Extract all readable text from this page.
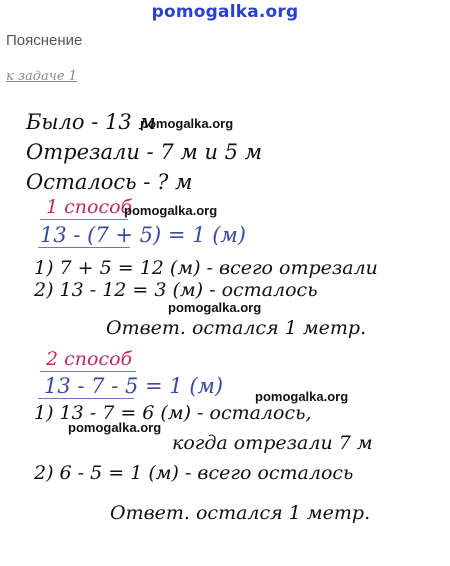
pomogalka.org
Пояснение
к задаче 1
Было - 13 м
pomogalka.org
Отрезали - 7 м и 5 м
Осталось - ? м
1 способ
pomogalka.org
13 - (7 + 5) = 1 (м)
1) 7 + 5 = 12 (м) - всего отрезали
2) 13 - 12 = 3 (м) - осталось
pomogalka.org
Ответ. остался 1 метр.
2 способ
13 - 7 - 5 = 1 (м) pomogalka.org
1) 13 - 7 = 6 (м) - осталось,
pomogalka.org
когда отрезали 7 м
2) 6 - 5 = 1 (м) - всего осталось
Ответ. остался 1 метр.
